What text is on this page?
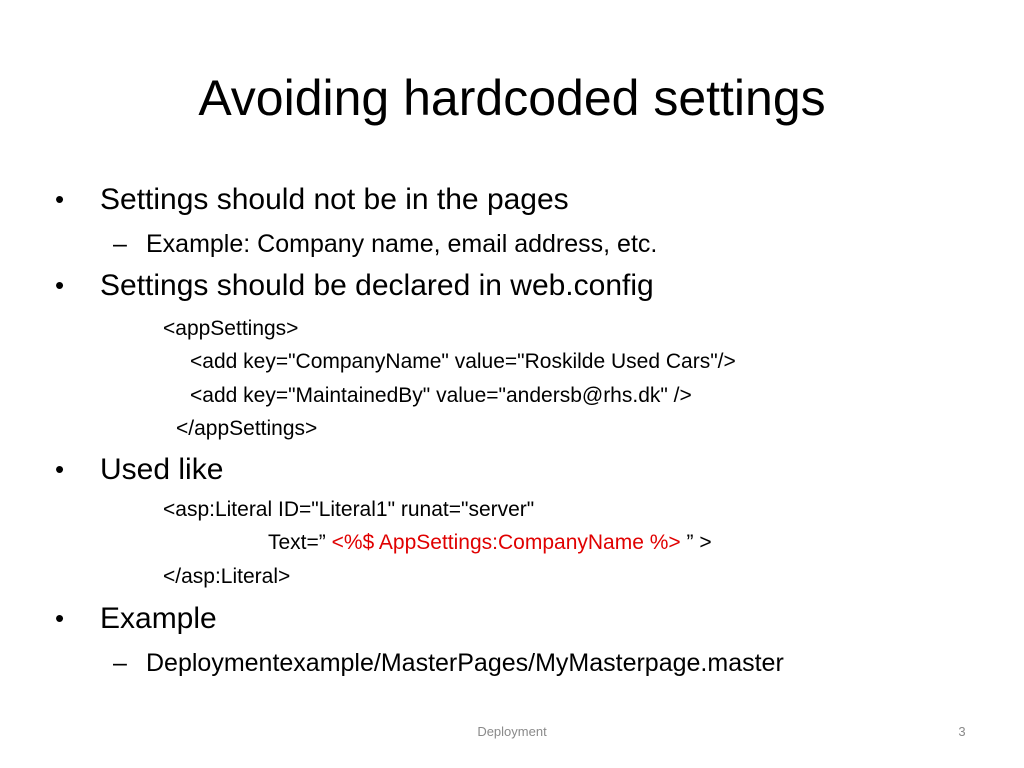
Avoiding hardcoded settings
• Settings should not be in the pages
– Example: Company name, email address, etc.
• Settings should be declared in web.config
<appSettings>
<add key="CompanyName" value="Roskilde Used Cars"/>
<add key="MaintainedBy" value="andersb@rhs.dk" />
</appSettings>
• Used like
<asp:Literal ID="Literal1" runat="server"
Text=” <%$ AppSettings:CompanyName %> ” >
</asp:Literal>
• Example
– Deploymentexample/MasterPages/MyMasterpage.master
Deployment	3
